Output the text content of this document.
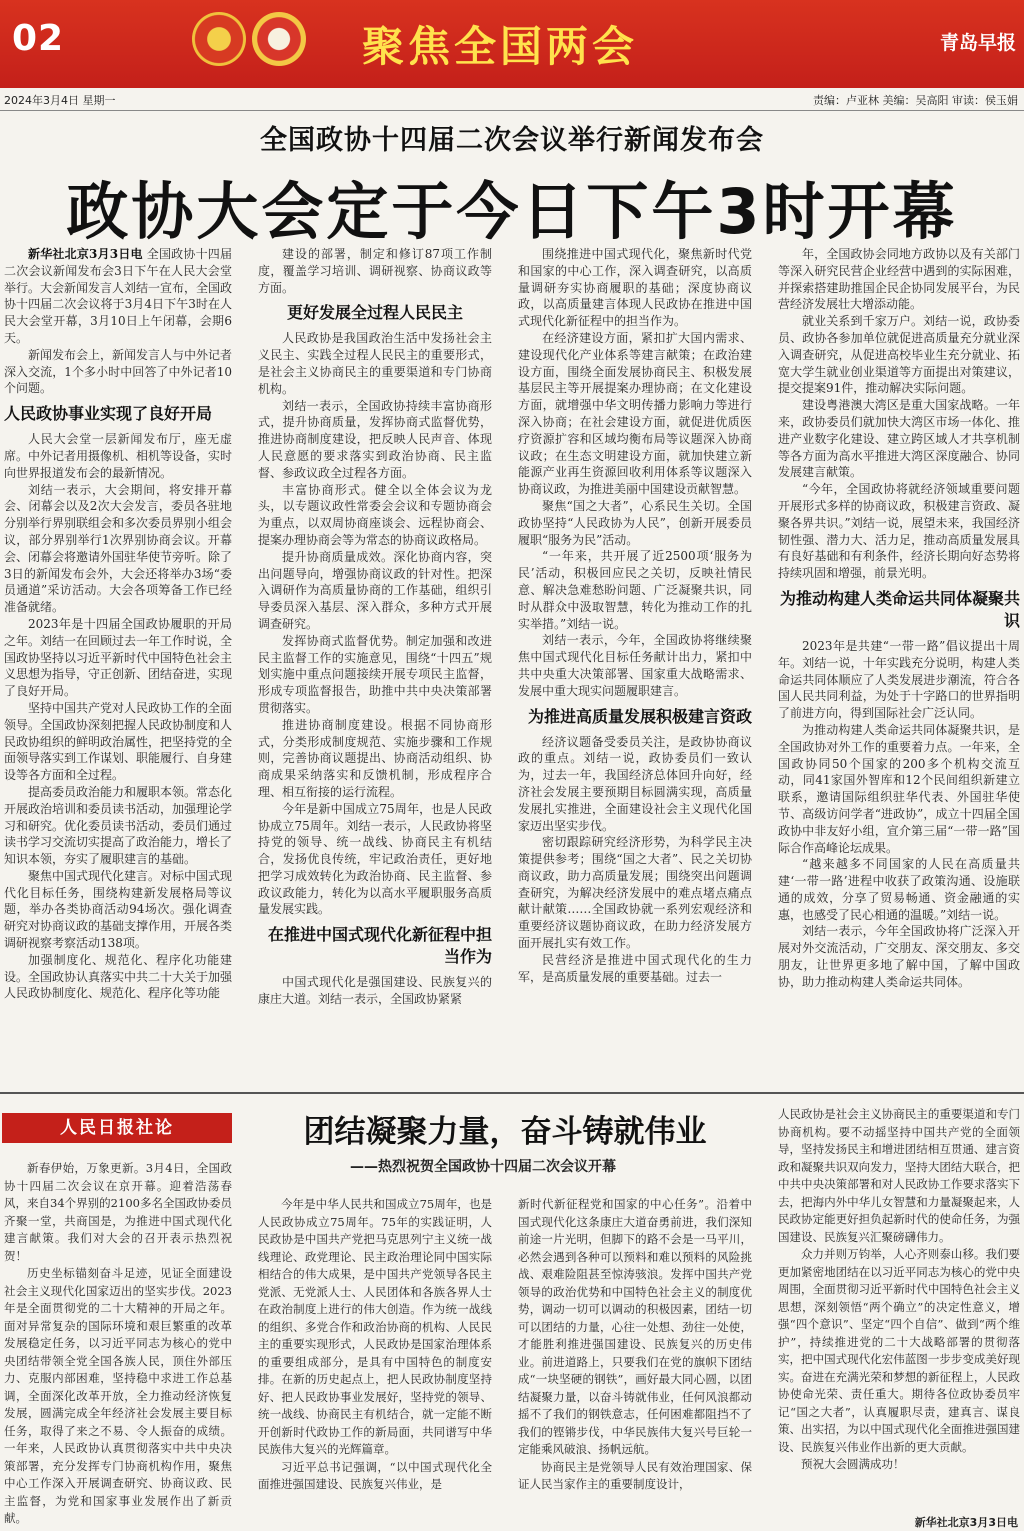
02	聚焦全国两会	青岛早报
2024年3月4日 星期一	责编：卢亚林 美编：吴高阳 审读：侯玉娟
全国政协十四届二次会议举行新闻发布会
政协大会定于今日下午3时开幕

新华社北京3月3日电 全国政协十四届二次会议新闻发布会3日下午在人民大会堂举行。大会新闻发言人刘结一宣布，全国政协十四届二次会议将于3月4日下午3时在人民大会堂开幕，3月10日上午闭幕，会期6天。

新闻发布会上，新闻发言人与中外记者深入交流，1个多小时中回答了中外记者10个问题。

人民政协事业实现了良好开局

人民大会堂一层新闻发布厅，座无虚席。中外记者用摄像机、相机等设备，实时向世界报道发布会的最新情况。

刘结一表示，大会期间，将安排开幕会、闭幕会以及2次大会发言，委员各驻地分别举行界别联组会和多次委员界别小组会议，部分界别举行1次界别协商会议。开幕会、闭幕会将邀请外国驻华使节旁听。除了3日的新闻发布会外，大会还将举办3场“委员通道”采访活动。大会各项筹备工作已经准备就绪。

2023年是十四届全国政协履职的开局之年。刘结一在回顾过去一年工作时说，全国政协坚持以习近平新时代中国特色社会主义思想为指导，守正创新、团结奋进，实现了良好开局。

坚持中国共产党对人民政协工作的全面领导。全国政协深刻把握人民政协制度和人民政协组织的鲜明政治属性，把坚持党的全面领导落实到工作谋划、职能履行、自身建设等各方面和全过程。

提高委员政治能力和履职本领。常态化开展政治培训和委员读书活动，加强理论学习和研究。优化委员读书活动，委员们通过读书学习交流切实提高了政治能力，增长了知识本领，夯实了履职建言的基础。

聚焦中国式现代化建言。对标中国式现代化目标任务，围绕构建新发展格局等议题，举办各类协商活动94场次。强化调查研究对协商议政的基础支撑作用，开展各类调研视察考察活动138项。

加强制度化、规范化、程序化功能建设。全国政协认真落实中共二十大关于加强人民政协制度化、规范化、程序化等功能

建设的部署，制定和修订87项工作制度，覆盖学习培训、调研视察、协商议政等方面。

更好发展全过程人民民主

人民政协是我国政治生活中发扬社会主义民主、实践全过程人民民主的重要形式，是社会主义协商民主的重要渠道和专门协商机构。

刘结一表示，全国政协持续丰富协商形式，提升协商质量，发挥协商式监督优势，推进协商制度建设，把反映人民声音、体现人民意愿的要求落实到政治协商、民主监督、参政议政全过程各方面。

丰富协商形式。健全以全体会议为龙头，以专题议政性常委会会议和专题协商会为重点，以双周协商座谈会、远程协商会、提案办理协商会等为常态的协商议政格局。

提升协商质量成效。深化协商内容，突出问题导向，增强协商议政的针对性。把深入调研作为高质量协商的工作基础，组织引导委员深入基层、深入群众，多种方式开展调查研究。

发挥协商式监督优势。制定加强和改进民主监督工作的实施意见，围绕“十四五”规划实施中重点问题接续开展专项民主监督，形成专项监督报告，助推中共中央决策部署贯彻落实。

推进协商制度建设。根据不同协商形式，分类形成制度规范、实施步骤和工作规则，完善协商议题提出、协商活动组织、协商成果采纳落实和反馈机制，形成程序合理、相互衔接的运行流程。

今年是新中国成立75周年，也是人民政协成立75周年。刘结一表示，人民政协将坚持党的领导、统一战线、协商民主有机结合，发扬优良传统，牢记政治责任，更好地把学习成效转化为政治协商、民主监督、参政议政能力，转化为以高水平履职服务高质量发展实践。

在推进中国式现代化新征程中担当作为

中国式现代化是强国建设、民族复兴的康庄大道。刘结一表示，全国政协紧紧

围绕推进中国式现代化，聚焦新时代党和国家的中心工作，深入调查研究，以高质量调研夯实协商履职的基础；深度协商议政，以高质量建言体现人民政协在推进中国式现代化新征程中的担当作为。

在经济建设方面，紧扣扩大国内需求、建设现代化产业体系等建言献策；在政治建设方面，围绕全面发展协商民主、积极发展基层民主等开展提案办理协商；在文化建设方面，就增强中华文明传播力影响力等进行深入协商；在社会建设方面，就促进优质医疗资源扩容和区域均衡布局等议题深入协商议政；在生态文明建设方面，就加快建立新能源产业再生资源回收利用体系等议题深入协商议政，为推进美丽中国建设贡献智慧。

聚焦“国之大者”，心系民生关切。全国政协坚持“人民政协为人民”，创新开展委员履职“服务为民”活动。

“一年来，共开展了近2500项‘服务为民’活动，积极回应民之关切，反映社情民意、解决急难愁盼问题、广泛凝聚共识，同时从群众中汲取智慧，转化为推动工作的扎实举措。”刘结一说。

刘结一表示，今年，全国政协将继续聚焦中国式现代化目标任务献计出力，紧扣中共中央重大决策部署、国家重大战略需求、发展中重大现实问题履职建言。

为推进高质量发展积极建言资政

经济议题备受委员关注，是政协协商议政的重点。刘结一说，政协委员们一致认为，过去一年，我国经济总体回升向好，经济社会发展主要预期目标圆满实现，高质量发展扎实推进，全面建设社会主义现代化国家迈出坚实步伐。

密切跟踪研究经济形势，为科学民主决策提供参考；围绕“国之大者”、民之关切协商议政，助力高质量发展；围绕突出问题调查研究，为解决经济发展中的难点堵点痛点献计献策……全国政协就一系列宏观经济和重要经济议题协商议政，在助力经济发展方面开展扎实有效工作。

民营经济是推进中国式现代化的生力军，是高质量发展的重要基础。过去一

年，全国政协会同地方政协以及有关部门等深入研究民营企业经营中遇到的实际困难，并探索搭建助推国企民企协同发展平台，为民营经济发展壮大增添动能。

就业关系到千家万户。刘结一说，政协委员、政协各参加单位就促进高质量充分就业深入调查研究，从促进高校毕业生充分就业、拓宽大学生就业创业渠道等方面提出对策建议，提交提案91件，推动解决实际问题。

建设粤港澳大湾区是重大国家战略。一年来，政协委员们就加快大湾区市场一体化、推进产业数字化建设、建立跨区域人才共享机制等各方面为高水平推进大湾区深度融合、协同发展建言献策。

“今年，全国政协将就经济领域重要问题开展形式多样的协商议政，积极建言资政、凝聚各界共识。”刘结一说，展望未来，我国经济韧性强、潜力大、活力足，推动高质量发展具有良好基础和有利条件，经济长期向好态势将持续巩固和增强，前景光明。

为推动构建人类命运共同体凝聚共识

2023年是共建“一带一路”倡议提出十周年。刘结一说，十年实践充分说明，构建人类命运共同体顺应了人类发展进步潮流，符合各国人民共同利益，为处于十字路口的世界指明了前进方向，得到国际社会广泛认同。

为推动构建人类命运共同体凝聚共识，是全国政协对外工作的重要着力点。一年来，全国政协同50个国家的200多个机构交流互动，同41家国外智库和12个民间组织新建立联系，邀请国际组织驻华代表、外国驻华使节、高级访问学者“进政协”，成立十四届全国政协中非友好小组，宣介第三届“一带一路”国际合作高峰论坛成果。

“越来越多不同国家的人民在高质量共建‘一带一路’进程中收获了政策沟通、设施联通的成效，分享了贸易畅通、资金融通的实惠，也感受了民心相通的温暖。”刘结一说。

刘结一表示，今年全国政协将广泛深入开展对外交流活动，广交朋友、深交朋友、多交朋友，让世界更多地了解中国，了解中国政协，助力推动构建人类命运共同体。

人民日报社论	团结凝聚力量，奋斗铸就伟业
——热烈祝贺全国政协十四届二次会议开幕

新春伊始，万象更新。3月4日，全国政协十四届二次会议在京开幕。迎着浩荡春风，来自34个界别的2100多名全国政协委员齐聚一堂，共商国是，为推进中国式现代化建言献策。我们对大会的召开表示热烈祝贺！

历史坐标锚刻奋斗足迹，见证全面建设社会主义现代化国家迈出的坚实步伐。2023年是全面贯彻党的二十大精神的开局之年。面对异常复杂的国际环境和艰巨繁重的改革发展稳定任务，以习近平同志为核心的党中央团结带领全党全国各族人民，顶住外部压力、克服内部困难，坚持稳中求进工作总基调，全面深化改革开放，全力推动经济恢复发展，圆满完成全年经济社会发展主要目标任务，取得了来之不易、令人振奋的成绩。一年来，人民政协认真贯彻落实中共中央决策部署，充分发挥专门协商机构作用，聚焦中心工作深入开展调查研究、协商议政、民主监督，为党和国家事业发展作出了新贡献。

今年是中华人民共和国成立75周年，也是人民政协成立75周年。75年的实践证明，人民政协是中国共产党把马克思列宁主义统一战线理论、政党理论、民主政治理论同中国实际相结合的伟大成果，是中国共产党领导各民主党派、无党派人士、人民团体和各族各界人士在政治制度上进行的伟大创造。作为统一战线的组织、多党合作和政治协商的机构、人民民主的重要实现形式，人民政协是国家治理体系的重要组成部分，是具有中国特色的制度安排。在新的历史起点上，把人民政协制度坚持好、把人民政协事业发展好，坚持党的领导、统一战线、协商民主有机结合，就一定能不断开创新时代政协工作的新局面，共同谱写中华民族伟大复兴的光辉篇章。

习近平总书记强调，“以中国式现代化全面推进强国建设、民族复兴伟业，是

新时代新征程党和国家的中心任务”。沿着中国式现代化这条康庄大道奋勇前进，我们深知前途一片光明，但脚下的路不会是一马平川，必然会遇到各种可以预料和难以预料的风险挑战、艰难险阻甚至惊涛骇浪。发挥中国共产党领导的政治优势和中国特色社会主义的制度优势，调动一切可以调动的积极因素，团结一切可以团结的力量，心往一处想、劲往一处使，才能胜利推进强国建设、民族复兴的历史伟业。前进道路上，只要我们在党的旗帜下团结成“一块坚硬的钢铁”，画好最大同心圆，以团结凝聚力量，以奋斗铸就伟业，任何风浪都动摇不了我们的钢铁意志，任何困难都阻挡不了我们的铿锵步伐，中华民族伟大复兴号巨轮一定能乘风破浪、扬帆远航。

协商民主是党领导人民有效治理国家、保证人民当家作主的重要制度设计，

人民政协是社会主义协商民主的重要渠道和专门协商机构。要不动摇坚持中国共产党的全面领导，坚持发扬民主和增进团结相互贯通、建言资政和凝聚共识双向发力，坚持大团结大联合，把中共中央决策部署和对人民政协工作要求落实下去，把海内外中华儿女智慧和力量凝聚起来，人民政协定能更好担负起新时代的使命任务，为强国建设、民族复兴汇聚磅礴伟力。

众力并则万钧举，人心齐则泰山移。我们要更加紧密地团结在以习近平同志为核心的党中央周围，全面贯彻习近平新时代中国特色社会主义思想，深刻领悟“两个确立”的决定性意义，增强“四个意识”、坚定“四个自信”、做到“两个维护”，持续推进党的二十大战略部署的贯彻落实，把中国式现代化宏伟蓝图一步步变成美好现实。奋进在充满光荣和梦想的新征程上，人民政协使命光荣、责任重大。期待各位政协委员牢记“国之大者”，认真履职尽责，建真言、谋良策、出实招，为以中国式现代化全面推进强国建设、民族复兴伟业作出新的更大贡献。

预祝大会圆满成功！

新华社北京3月3日电
